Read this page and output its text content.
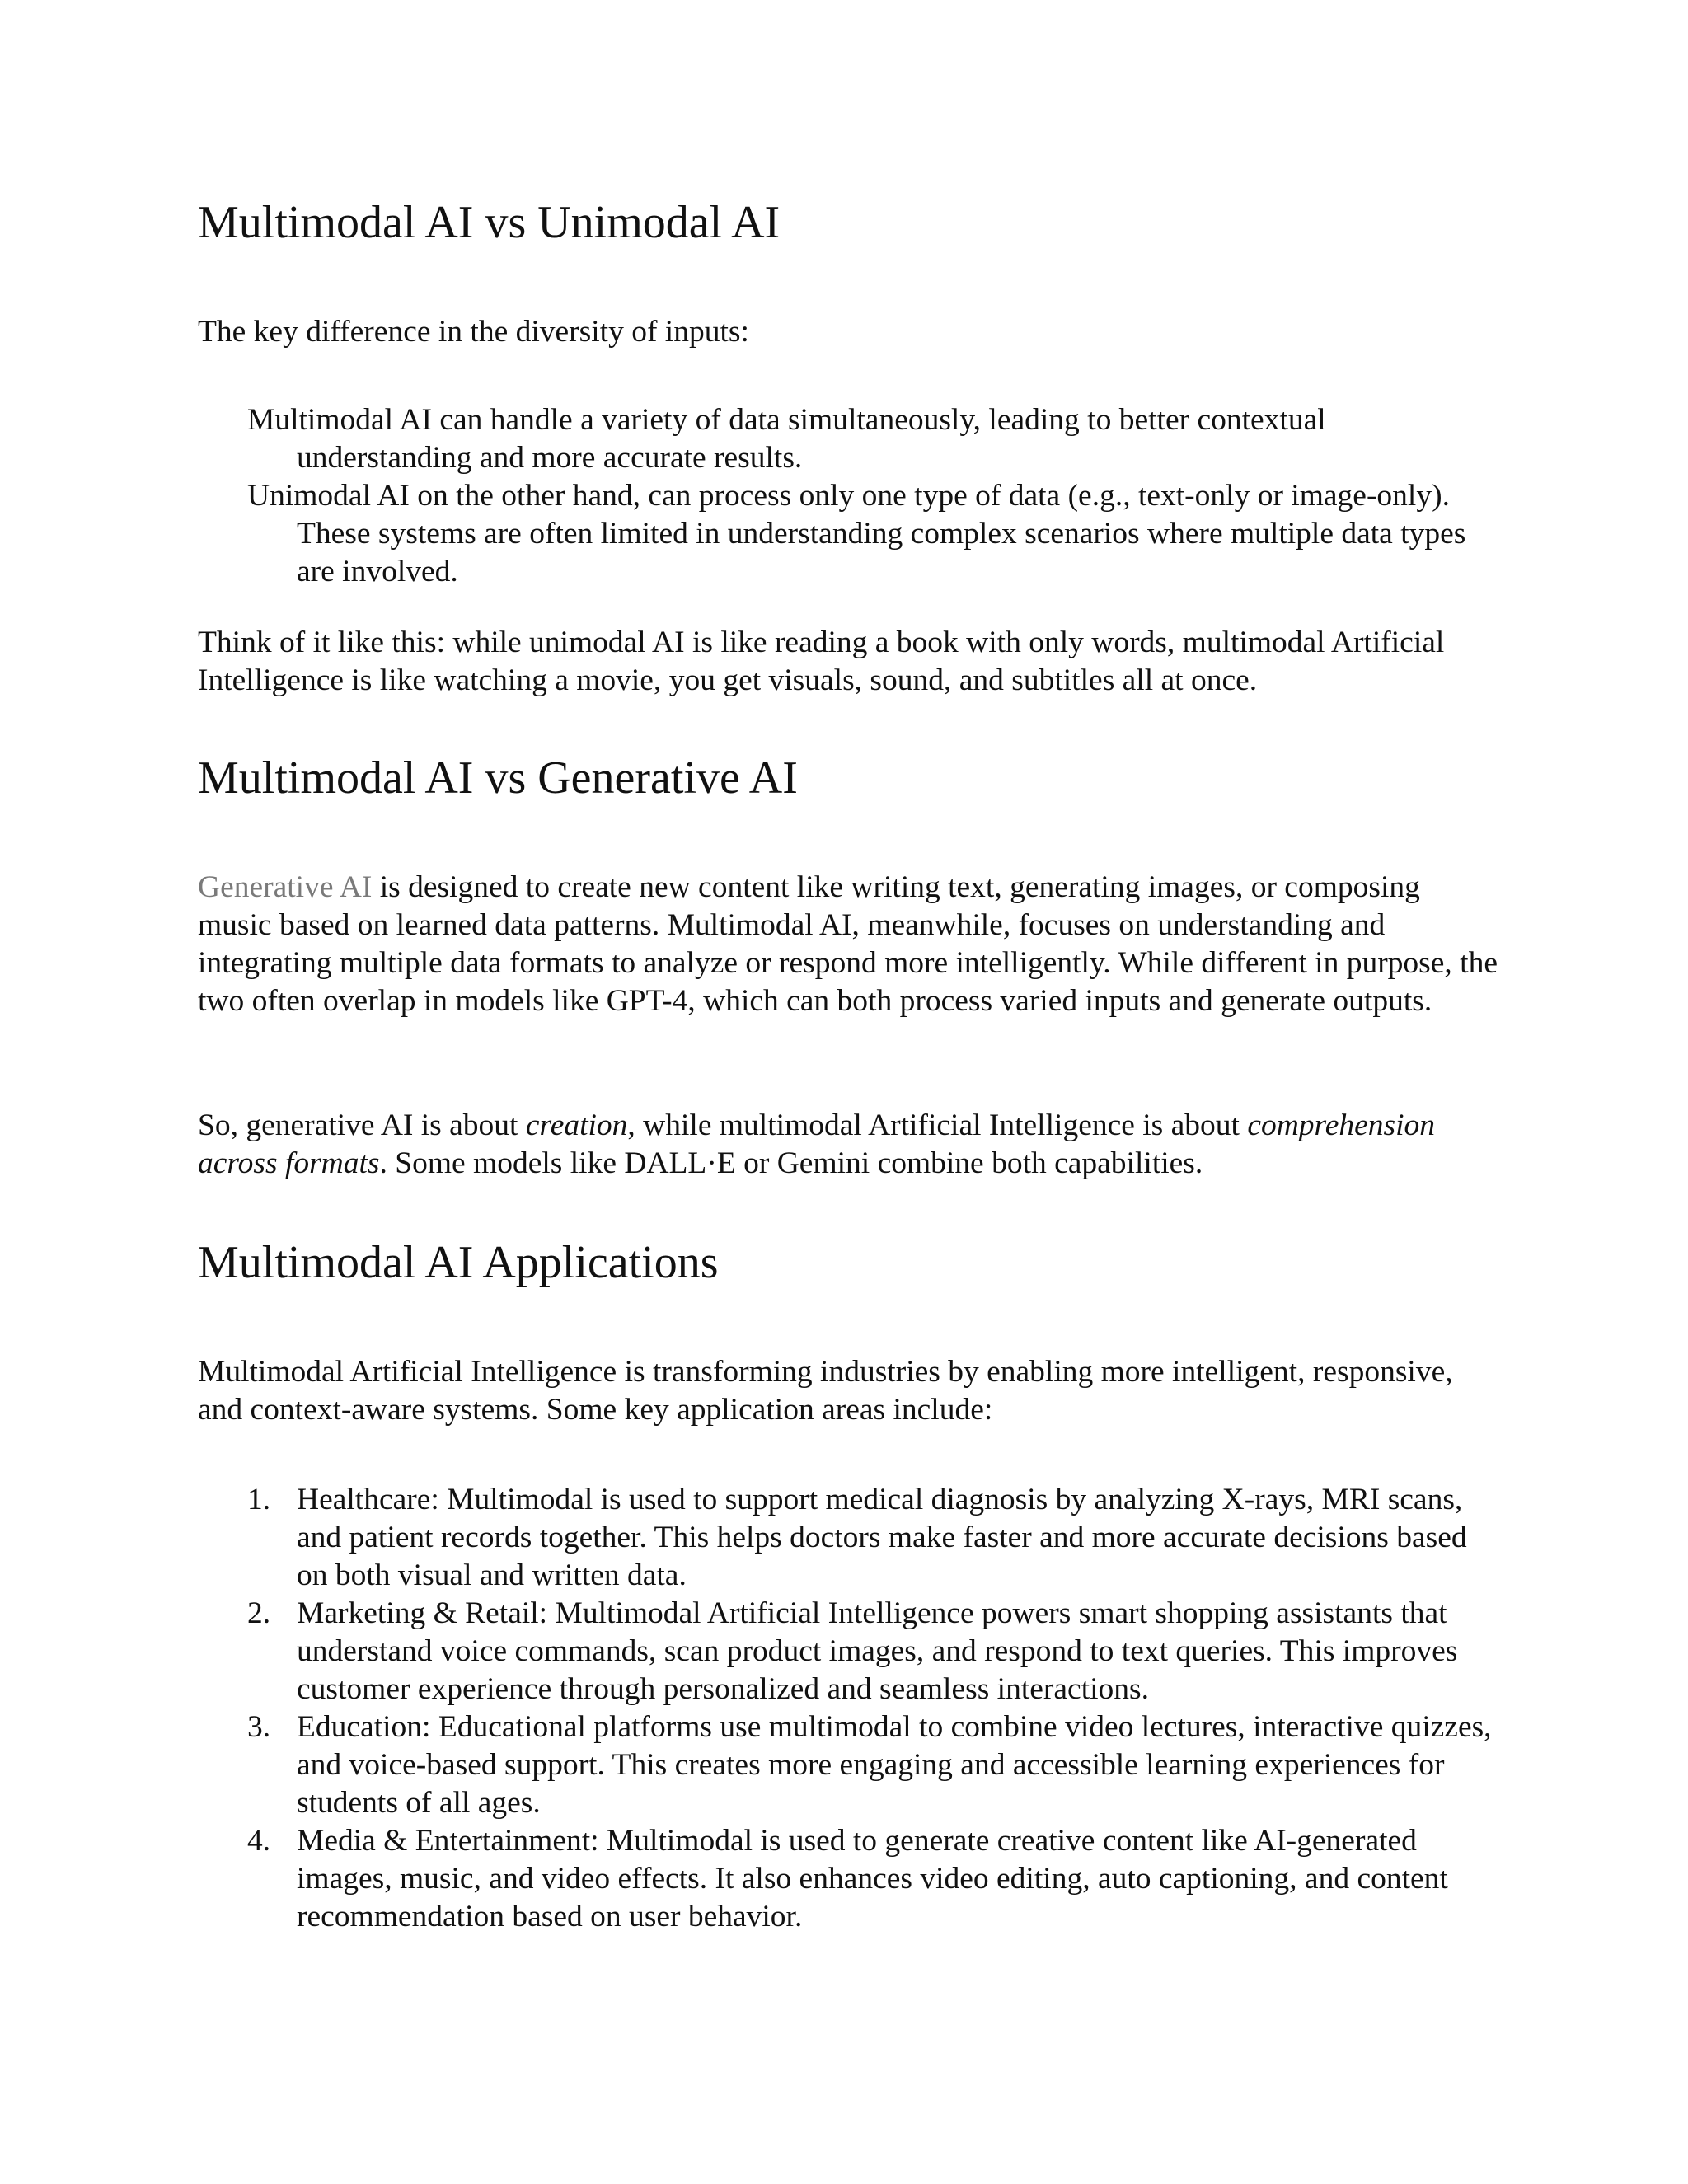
Multimodal AI vs Unimodal AI

The key difference in the diversity of inputs:

Multimodal AI can handle a variety of data simultaneously, leading to better contextual understanding and more accurate results.
Unimodal AI on the other hand, can process only one type of data (e.g., text-only or image-only). These systems are often limited in understanding complex scenarios where multiple data types are involved.

Think of it like this: while unimodal AI is like reading a book with only words, multimodal Artificial Intelligence is like watching a movie, you get visuals, sound, and subtitles all at once.

Multimodal AI vs Generative AI

Generative AI is designed to create new content like writing text, generating images, or composing music based on learned data patterns. Multimodal AI, meanwhile, focuses on understanding and integrating multiple data formats to analyze or respond more intelligently. While different in purpose, the two often overlap in models like GPT-4, which can both process varied inputs and generate outputs.

So, generative AI is about creation, while multimodal Artificial Intelligence is about comprehension across formats. Some models like DALL·E or Gemini combine both capabilities.

Multimodal AI Applications

Multimodal Artificial Intelligence is transforming industries by enabling more intelligent, responsive, and context-aware systems. Some key application areas include:

1. Healthcare: Multimodal is used to support medical diagnosis by analyzing X-rays, MRI scans, and patient records together. This helps doctors make faster and more accurate decisions based on both visual and written data.
2. Marketing & Retail: Multimodal Artificial Intelligence powers smart shopping assistants that understand voice commands, scan product images, and respond to text queries. This improves customer experience through personalized and seamless interactions.
3. Education: Educational platforms use multimodal to combine video lectures, interactive quizzes, and voice-based support. This creates more engaging and accessible learning experiences for students of all ages.
4. Media & Entertainment: Multimodal is used to generate creative content like AI-generated images, music, and video effects. It also enhances video editing, auto captioning, and content recommendation based on user behavior.
